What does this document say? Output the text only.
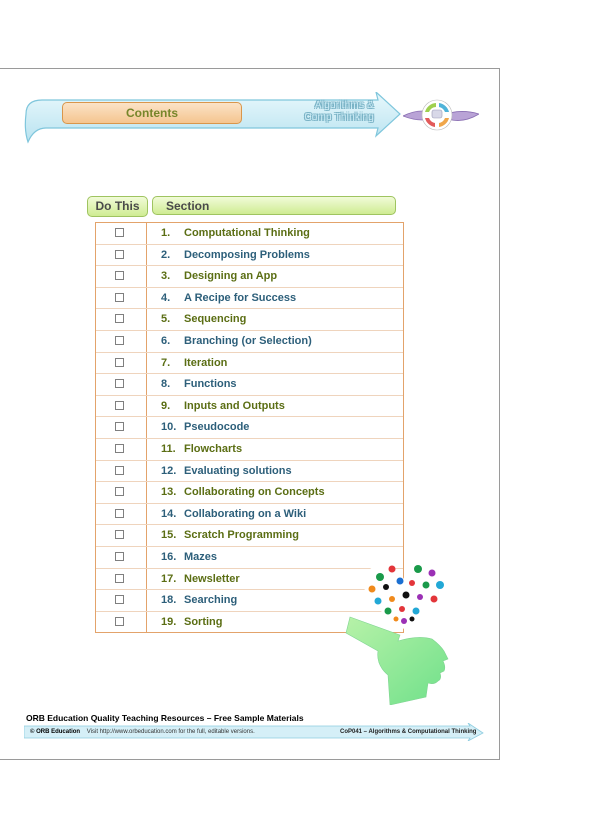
Contents
Algorithms &
Comp Thinking
Do This	Section
1.	Computational Thinking
2.	Decomposing Problems
3.	Designing an App
4.	A Recipe for Success
5.	Sequencing
6.	Branching (or Selection)
7.	Iteration
8.	Functions
9.	Inputs and Outputs
10. Pseudocode
11. Flowcharts
12. Evaluating solutions
13. Collaborating on Concepts
14. Collaborating on a Wiki
15. Scratch Programming
16. Mazes
17. Newsletter
18. Searching
19. Sorting
ORB Education Quality Teaching Resources – Free Sample Materials
© ORB Education Visit http://www.orbeducation.com for the full, editable versions.	CoP041 – Algorithms & Computational Thinking
